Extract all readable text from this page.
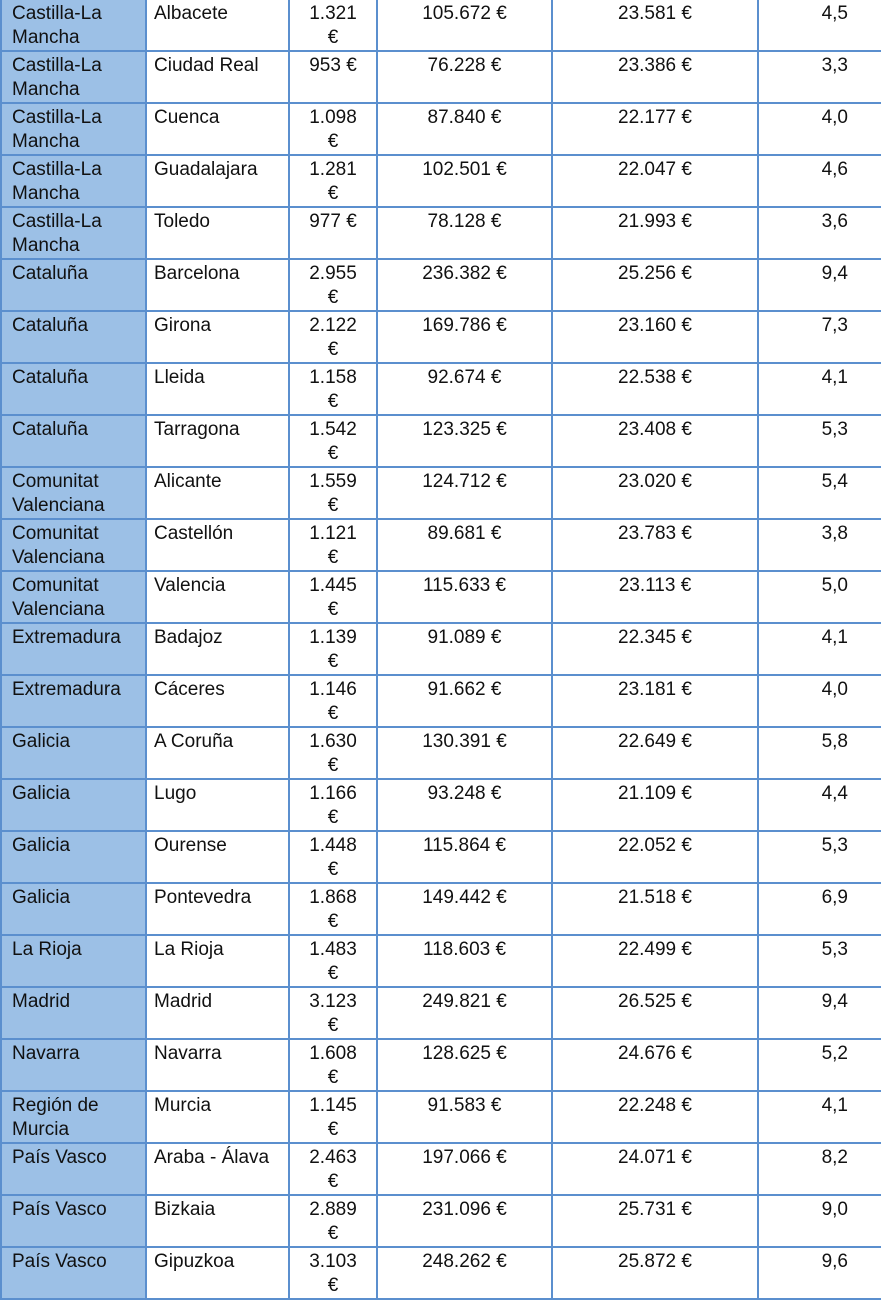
Castilla-La Mancha	Albacete	1.321 €	105.672 €	23.581 €	4,5
Castilla-La Mancha	Ciudad Real	953 €	76.228 €	23.386 €	3,3
Castilla-La Mancha	Cuenca	1.098 €	87.840 €	22.177 €	4,0
Castilla-La Mancha	Guadalajara	1.281 €	102.501 €	22.047 €	4,6
Castilla-La Mancha	Toledo	977 €	78.128 €	21.993 €	3,6
Cataluña	Barcelona	2.955 €	236.382 €	25.256 €	9,4
Cataluña	Girona	2.122 €	169.786 €	23.160 €	7,3
Cataluña	Lleida	1.158 €	92.674 €	22.538 €	4,1
Cataluña	Tarragona	1.542 €	123.325 €	23.408 €	5,3
Comunitat Valenciana	Alicante	1.559 €	124.712 €	23.020 €	5,4
Comunitat Valenciana	Castellón	1.121 €	89.681 €	23.783 €	3,8
Comunitat Valenciana	Valencia	1.445 €	115.633 €	23.113 €	5,0
Extremadura	Badajoz	1.139 €	91.089 €	22.345 €	4,1
Extremadura	Cáceres	1.146 €	91.662 €	23.181 €	4,0
Galicia	A Coruña	1.630 €	130.391 €	22.649 €	5,8
Galicia	Lugo	1.166 €	93.248 €	21.109 €	4,4
Galicia	Ourense	1.448 €	115.864 €	22.052 €	5,3
Galicia	Pontevedra	1.868 €	149.442 €	21.518 €	6,9
La Rioja	La Rioja	1.483 €	118.603 €	22.499 €	5,3
Madrid	Madrid	3.123 €	249.821 €	26.525 €	9,4
Navarra	Navarra	1.608 €	128.625 €	24.676 €	5,2
Región de Murcia	Murcia	1.145 €	91.583 €	22.248 €	4,1
País Vasco	Araba - Álava	2.463 €	197.066 €	24.071 €	8,2
País Vasco	Bizkaia	2.889 €	231.096 €	25.731 €	9,0
País Vasco	Gipuzkoa	3.103 €	248.262 €	25.872 €	9,6
